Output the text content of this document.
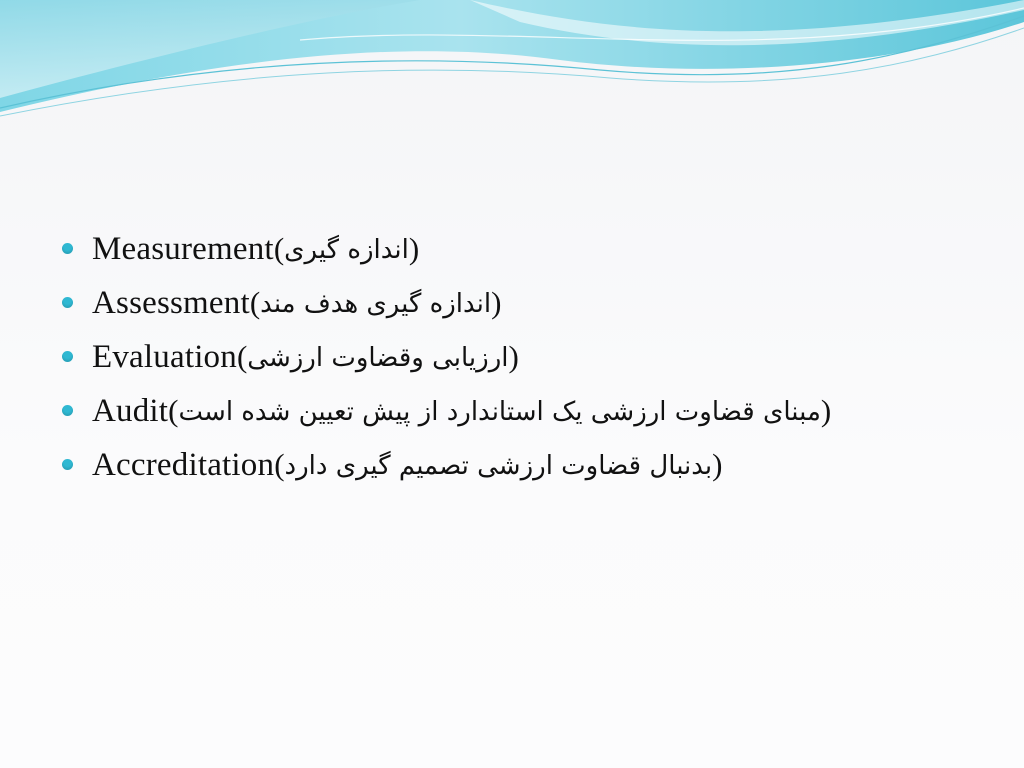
Measurement(اندازه گیری)
Assessment(اندازه گیری هدف مند)
Evaluation(ارزیابی وقضاوت ارزشی)
Audit(مبنای قضاوت ارزشی یک استاندارد از پیش تعیین شده است)
Accreditation(بدنبال قضاوت ارزشی تصمیم گیری دارد)
